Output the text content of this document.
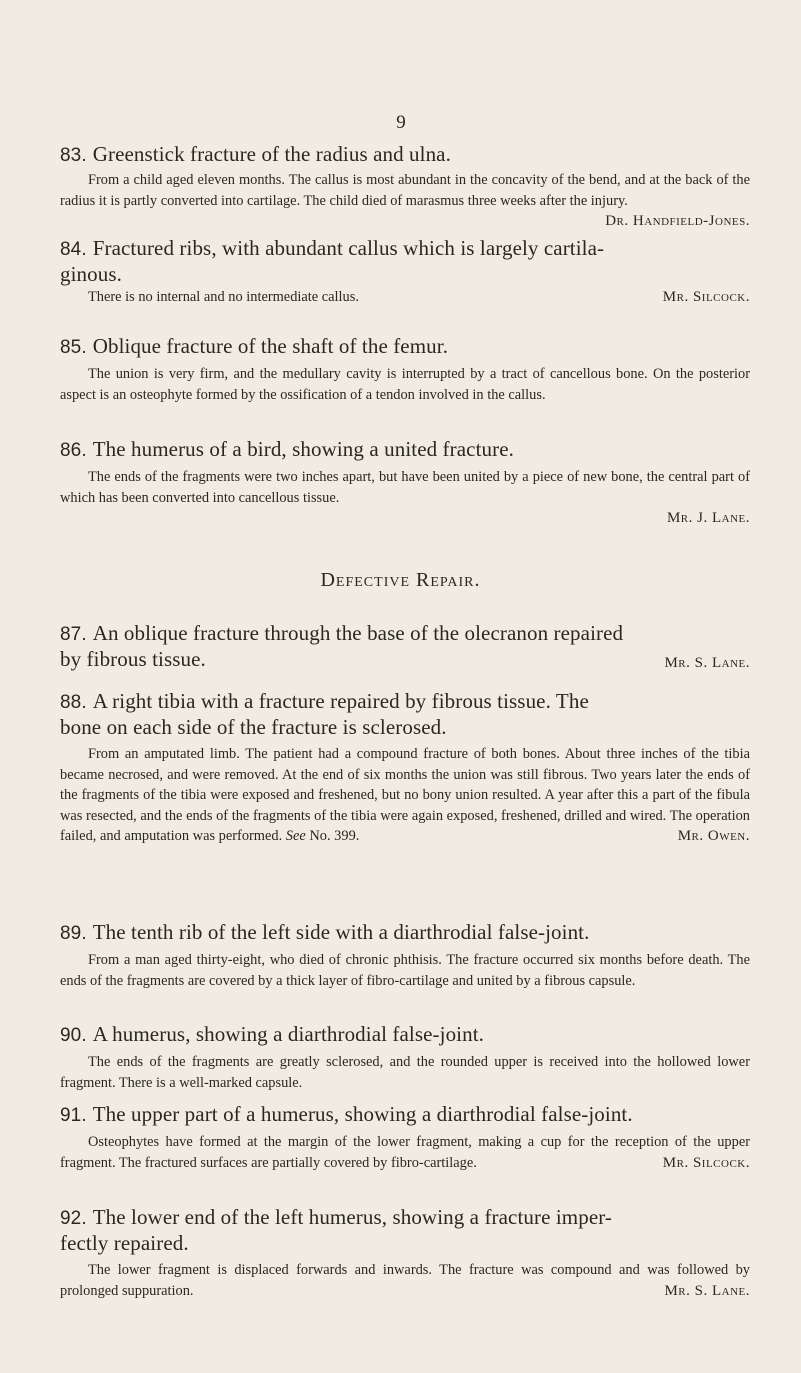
9
83. Greenstick fracture of the radius and ulna.
From a child aged eleven months. The callus is most abundant in the concavity of the bend, and at the back of the radius it is partly converted into cartilage. The child died of marasmus three weeks after the injury.
Dr. Handfield-Jones.
84. Fractured ribs, with abundant callus which is largely cartila-
ginous.
There is no internal and no intermediate callus.	Mr. Silcock.
85. Oblique fracture of the shaft of the femur.
The union is very firm, and the medullary cavity is interrupted by a tract of cancellous bone. On the posterior aspect is an osteophyte formed by the ossification of a tendon involved in the callus.
86. The humerus of a bird, showing a united fracture.
The ends of the fragments were two inches apart, but have been united by a piece of new bone, the central part of which has been converted into cancellous tissue.
Mr. J. Lane.
Defective Repair.
87. An oblique fracture through the base of the olecranon repaired
by fibrous tissue.	Mr. S. Lane.
88. A right tibia with a fracture repaired by fibrous tissue. The
bone on each side of the fracture is sclerosed.
From an amputated limb. The patient had a compound fracture of both bones. About three inches of the tibia became necrosed, and were removed. At the end of six months the union was still fibrous. Two years later the ends of the fragments of the tibia were exposed and freshened, but no bony union resulted. A year after this a part of the fibula was resected, and the ends of the fragments of the tibia were again exposed, freshened, drilled and wired. The operation failed, and amputation was performed. See No. 399.	Mr. Owen.
89. The tenth rib of the left side with a diarthrodial false-joint.
From a man aged thirty-eight, who died of chronic phthisis. The fracture occurred six months before death. The ends of the fragments are covered by a thick layer of fibro-cartilage and united by a fibrous capsule.
90. A humerus, showing a diarthrodial false-joint.
The ends of the fragments are greatly sclerosed, and the rounded upper is received into the hollowed lower fragment. There is a well-marked capsule.
91. The upper part of a humerus, showing a diarthrodial false-joint.
Osteophytes have formed at the margin of the lower fragment, making a cup for the reception of the upper fragment. The fractured surfaces are partially covered by fibro-cartilage.	Mr. Silcock.
92. The lower end of the left humerus, showing a fracture imper-
fectly repaired.
The lower fragment is displaced forwards and inwards. The fracture was compound and was followed by prolonged suppuration.	Mr. S. Lane.
